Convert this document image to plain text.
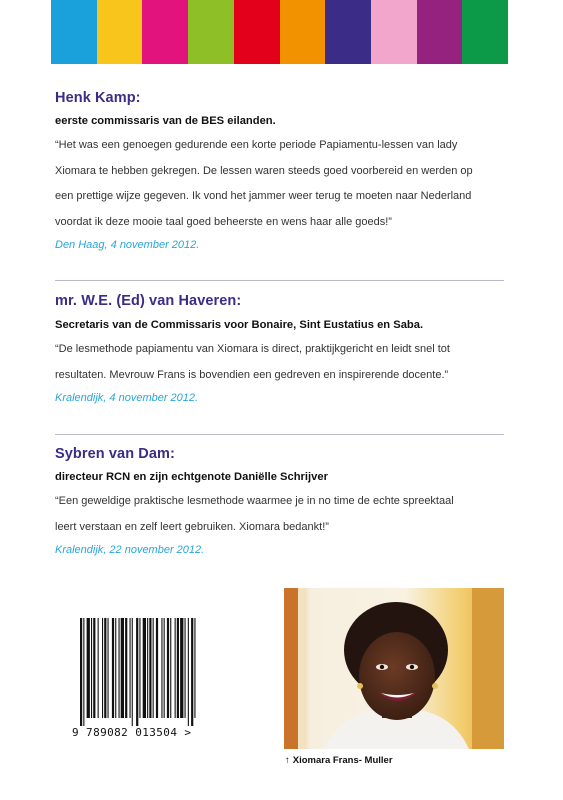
Henk Kamp:

eerste commissaris van de BES eilanden.

“Het was een genoegen gedurende een korte periode Papiamentu-lessen van lady

Xiomara te hebben gekregen. De lessen waren steeds goed voorbereid en werden op

een prettige wijze gegeven. Ik vond het jammer weer terug te moeten naar Nederland

voordat ik deze mooie taal goed beheerste en wens haar alle goeds!”

Den Haag, 4 november 2012.

mr. W.E. (Ed) van Haveren:

Secretaris van de Commissaris voor Bonaire, Sint Eustatius en Saba.

“De lesmethode papiamentu van Xiomara is direct, praktijkgericht en leidt snel tot

resultaten. Mevrouw Frans is bovendien een gedreven en inspirerende docente.”

Kralendijk, 4 november 2012.

Sybren van Dam:

directeur RCN en zijn echtgenote Daniëlle Schrijver

“Een geweldige praktische lesmethode waarmee je in no time de echte spreektaal

leert verstaan en zelf leert gebruiken. Xiomara bedankt!”

Kralendijk, 22 november 2012.

9 789082 013504 >
↑ Xiomara Frans- Muller
